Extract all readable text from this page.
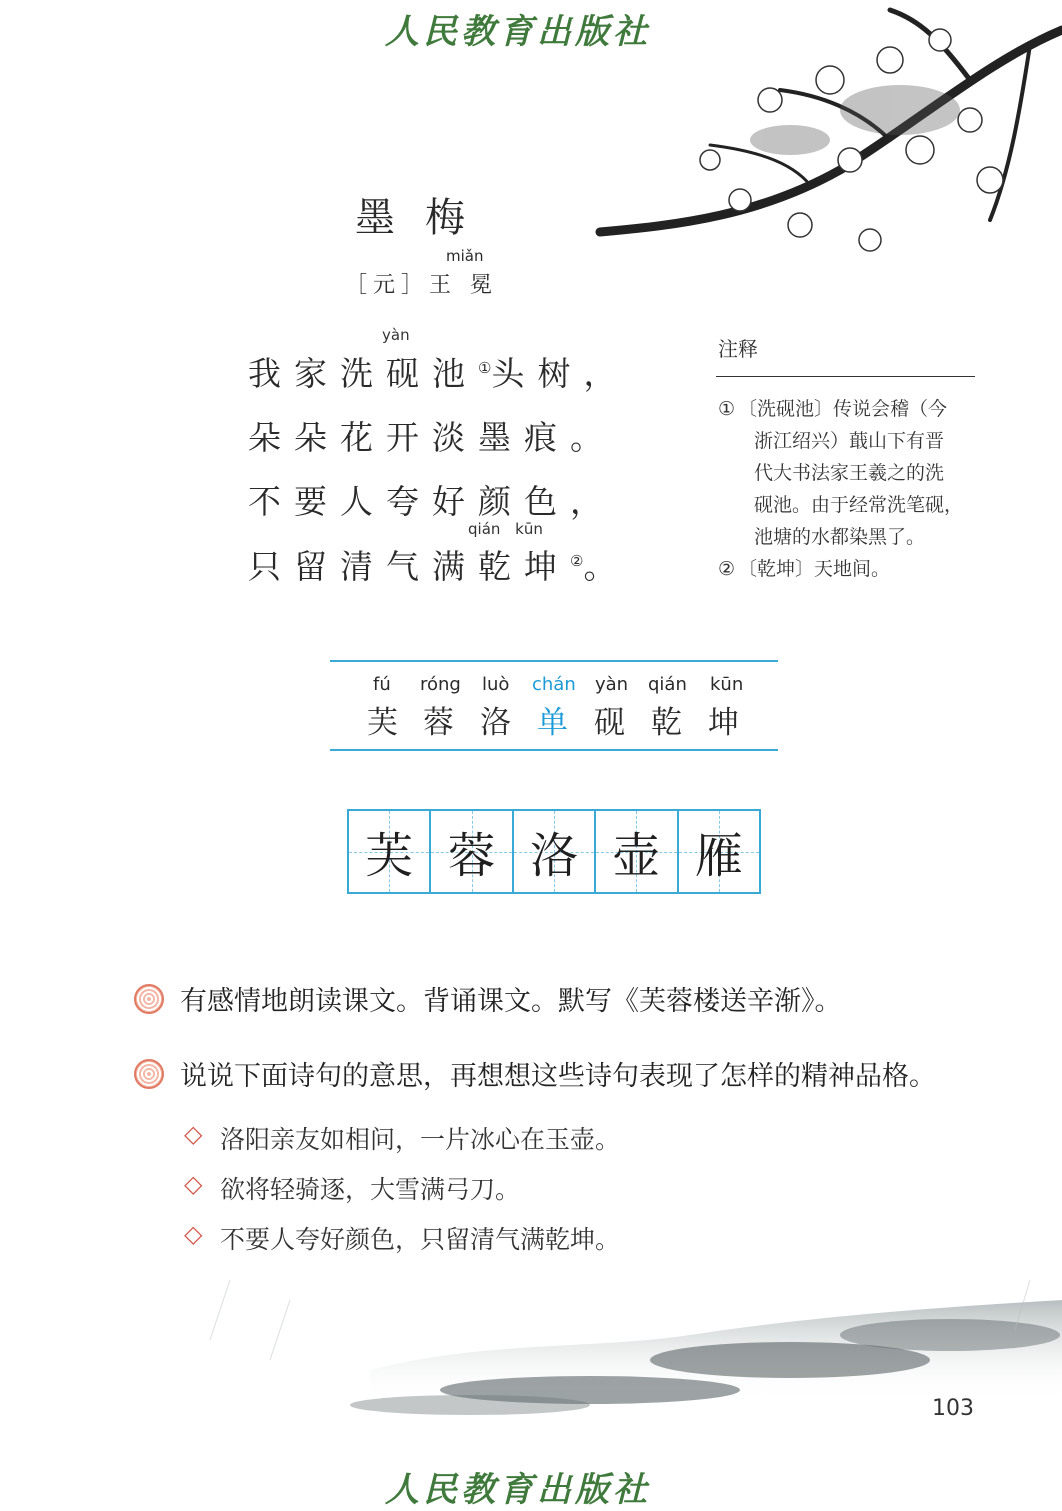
人民教育出版社
墨梅
miǎn
［元］王 冕
yàn
我家洗砚池①头树，
朵朵花开淡墨痕。
不要人夸好颜色，
qián kūn
只留清气满乾坤②。
注释
① 〔洗砚池〕传说会稽（今
浙江绍兴）蕺山下有晋
代大书法家王羲之的洗
砚池。由于经常洗笔砚，
池塘的水都染黑了。
② 〔乾坤〕天地间。
fú
芙
róng
蓉
luò
洛
chán
单
yàn
砚
qián
乾
kūn
坤
芙 蓉 洛 壶 雁
有感情地朗读课文。背诵课文。默写《芙蓉楼送辛渐》。
说说下面诗句的意思，再想想这些诗句表现了怎样的精神品格。
◇ 洛阳亲友如相问，一片冰心在玉壶。
◇ 欲将轻骑逐，大雪满弓刀。
◇ 不要人夸好颜色，只留清气满乾坤。
103
人民教育出版社
